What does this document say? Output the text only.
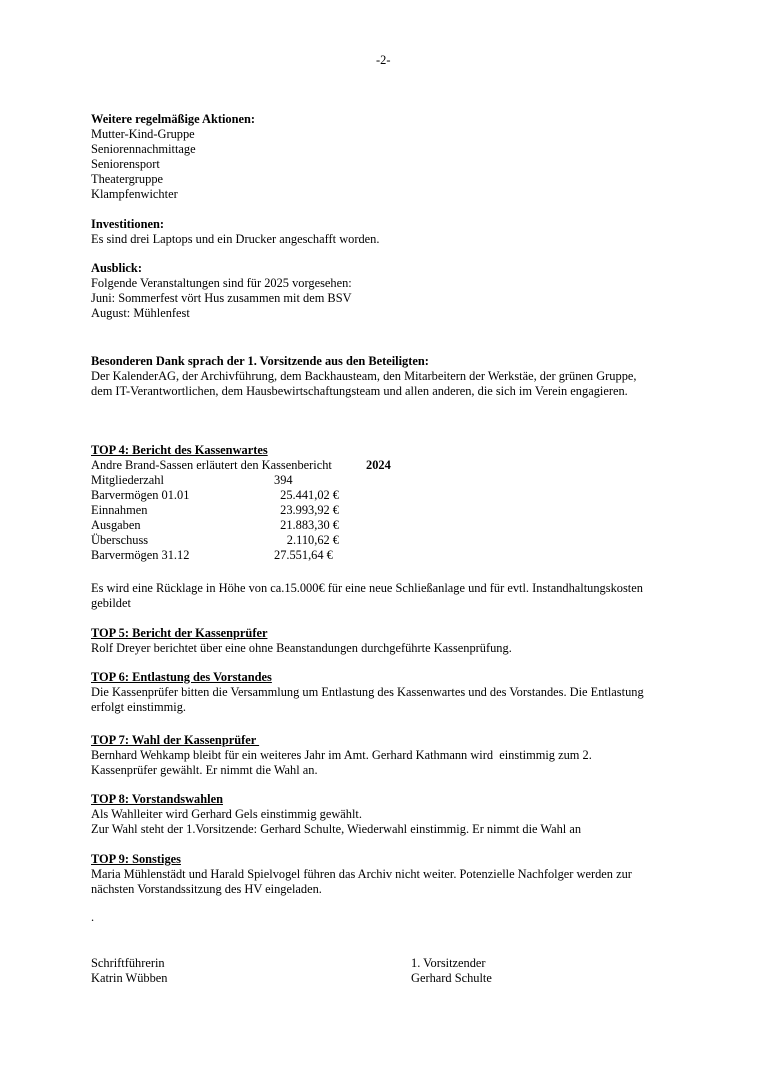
-2-
Weitere regelmäßige Aktionen:
Mutter-Kind-Gruppe
Seniorennachmittage
Seniorensport
Theatergruppe
Klampfenwichter
Investitionen:
Es sind drei Laptops und ein Drucker angeschafft worden.
Ausblick:
Folgende Veranstaltungen sind für 2025 vorgesehen:
Juni: Sommerfest vört Hus zusammen mit dem BSV
August: Mühlenfest
Besonderen Dank sprach der 1. Vorsitzende aus den Beteiligten:
Der KalenderAG, der Archivführung, dem Backhausteam, den Mitarbeitern der Werkstäe, der grünen Gruppe,
dem IT-Verantwortlichen, dem Hausbewirtschaftungsteam und allen anderen, die sich im Verein engagieren.
TOP 4: Bericht des Kassenwartes
Andre Brand-Sassen erläutert den Kassenbericht	2024
Mitgliederzahl	394
Barvermögen 01.01	25.441,02 €
Einnahmen	23.993,92 €
Ausgaben	21.883,30 €
Überschuss	2.110,62 €
Barvermögen 31.12	27.551,64 €
Es wird eine Rücklage in Höhe von ca.15.000€ für eine neue Schließanlage und für evtl. Instandhaltungskosten
gebildet
TOP 5: Bericht der Kassenprüfer
Rolf Dreyer berichtet über eine ohne Beanstandungen durchgeführte Kassenprüfung.
TOP 6: Entlastung des Vorstandes
Die Kassenprüfer bitten die Versammlung um Entlastung des Kassenwartes und des Vorstandes. Die Entlastung
erfolgt einstimmig.
TOP 7: Wahl der Kassenprüfer
Bernhard Wehkamp bleibt für ein weiteres Jahr im Amt. Gerhard Kathmann wird  einstimmig zum 2.
Kassenprüfer gewählt. Er nimmt die Wahl an.
TOP 8: Vorstandswahlen
Als Wahlleiter wird Gerhard Gels einstimmig gewählt.
Zur Wahl steht der 1.Vorsitzende: Gerhard Schulte, Wiederwahl einstimmig. Er nimmt die Wahl an
TOP 9: Sonstiges
Maria Mühlenstädt und Harald Spielvogel führen das Archiv nicht weiter. Potenzielle Nachfolger werden zur
nächsten Vorstandssitzung des HV eingeladen.
.
Schriftführerin
Katrin Wübben
1. Vorsitzender
Gerhard Schulte
